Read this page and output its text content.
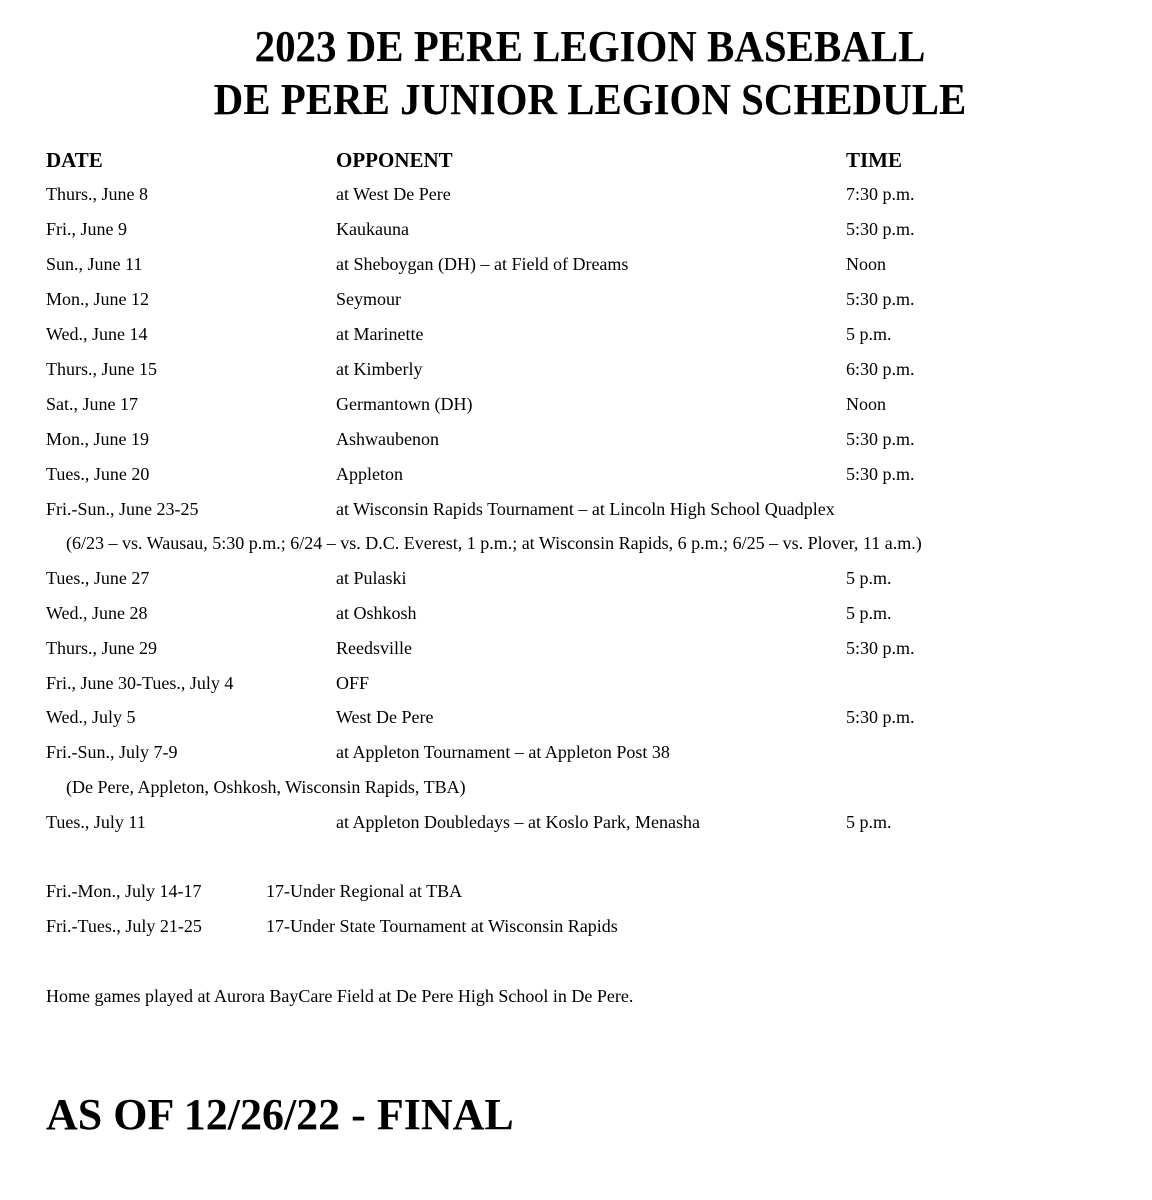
2023 DE PERE LEGION BASEBALL
DE PERE JUNIOR LEGION SCHEDULE
DATE	OPPONENT	TIME
Thurs., June 8	at West De Pere	7:30 p.m.
Fri., June 9	Kaukauna	5:30 p.m.
Sun., June 11	at Sheboygan (DH) – at Field of Dreams	Noon
Mon., June 12	Seymour	5:30 p.m.
Wed., June 14	at Marinette	5 p.m.
Thurs., June 15	at Kimberly	6:30 p.m.
Sat., June 17	Germantown (DH)	Noon
Mon., June 19	Ashwaubenon	5:30 p.m.
Tues., June 20	Appleton	5:30 p.m.
Fri.-Sun., June 23-25	at Wisconsin Rapids Tournament – at Lincoln High School Quadplex
(6/23 – vs. Wausau, 5:30 p.m.; 6/24 – vs. D.C. Everest, 1 p.m.; at Wisconsin Rapids, 6 p.m.; 6/25 – vs. Plover, 11 a.m.)
Tues., June 27	at Pulaski	5 p.m.
Wed., June 28	at Oshkosh	5 p.m.
Thurs., June 29	Reedsville	5:30 p.m.
Fri., June 30-Tues., July 4	OFF
Wed., July 5	West De Pere	5:30 p.m.
Fri.-Sun., July 7-9	at Appleton Tournament – at Appleton Post 38
(De Pere, Appleton, Oshkosh, Wisconsin Rapids, TBA)
Tues., July 11	at Appleton Doubledays – at Koslo Park, Menasha	5 p.m.
Fri.-Mon., July 14-17	17-Under Regional at TBA
Fri.-Tues., July 21-25	17-Under State Tournament at Wisconsin Rapids
Home games played at Aurora BayCare Field at De Pere High School in De Pere.
AS OF 12/26/22 - FINAL
